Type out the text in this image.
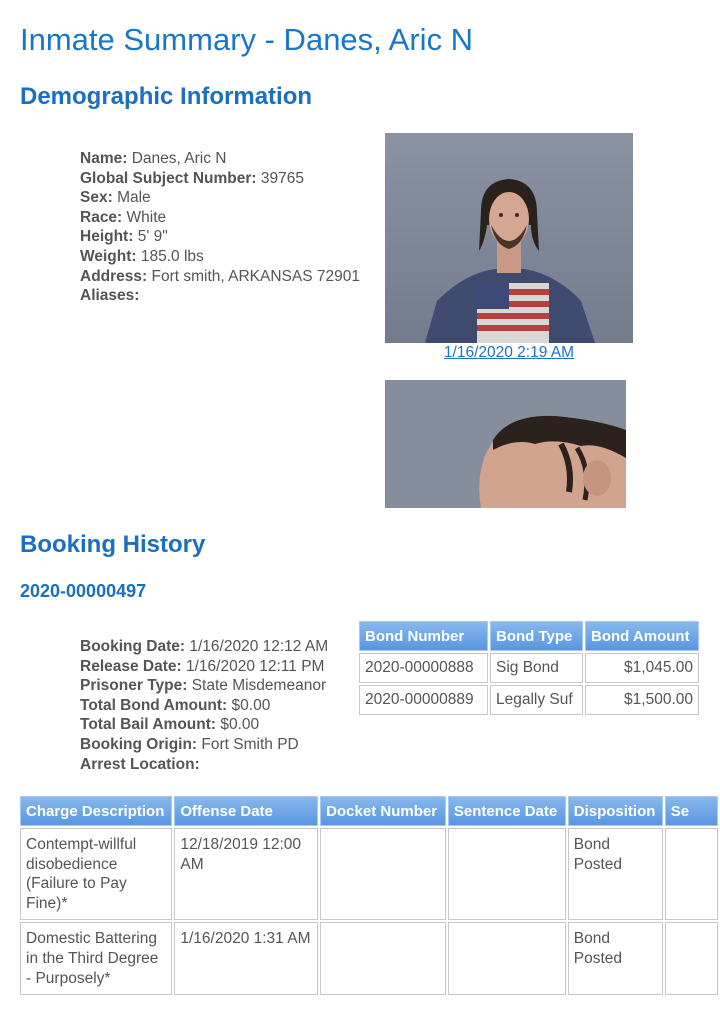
Inmate Summary - Danes, Aric N
Demographic Information
Name: Danes, Aric N
Global Subject Number: 39765
Sex: Male
Race: White
Height: 5' 9"
Weight: 185.0 lbs
Address: Fort smith, ARKANSAS 72901
Aliases:
1/16/2020 2:19 AM
Booking History
2020-00000497
Booking Date: 1/16/2020 12:12 AM
Release Date: 1/16/2020 12:11 PM
Prisoner Type: State Misdemeanor
Total Bond Amount: $0.00
Total Bail Amount: $0.00
Booking Origin: Fort Smith PD
Arrest Location:
Bond Number	Bond Type	Bond Amount
2020-00000888	Sig Bond	$1,045.00
2020-00000889	Legally Suf	$1,500.00
Charge Description	Offense Date	Docket Number	Sentence Date	Disposition	Se
Contempt-willful disobedience (Failure to Pay Fine)*	12/18/2019 12:00 AM			Bond Posted	
Domestic Battering in the Third Degree - Purposely*	1/16/2020 1:31 AM			Bond Posted	
